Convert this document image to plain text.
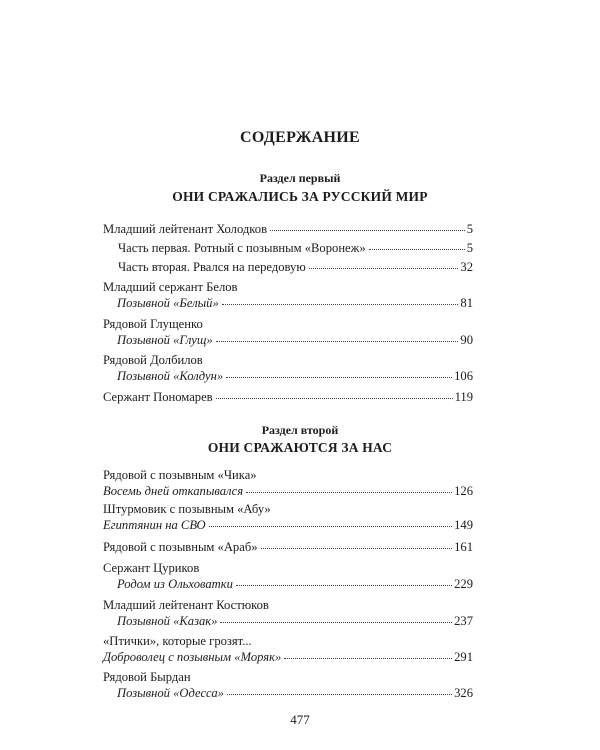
СОДЕРЖАНИЕ
Раздел первый
ОНИ СРАЖАЛИСЬ ЗА РУССКИЙ МИР
Младший лейтенант Холодков	5
Часть первая. Ротный с позывным «Воронеж»	5
Часть вторая. Рвался на передовую	32
Младший сержант Белов
Позывной «Белый»	81
Рядовой Глущенко
Позывной «Глущ»	90
Рядовой Долбилов
Позывной «Колдун»	106
Сержант Пономарев	119
Раздел второй
ОНИ СРАЖАЮТСЯ ЗА НАС
Рядовой с позывным «Чика»
Восемь дней откапывался	126
Штурмовик с позывным «Абу»
Египтянин на СВО	149
Рядовой с позывным «Араб»	161
Сержант Цуриков
Родом из Ольховатки	229
Младший лейтенант Костюков
Позывной «Казак»	237
«Птички», которые грозят...
Доброволец с позывным «Моряк»	291
Рядовой Бырдан
Позывной «Одесса»	326
477
